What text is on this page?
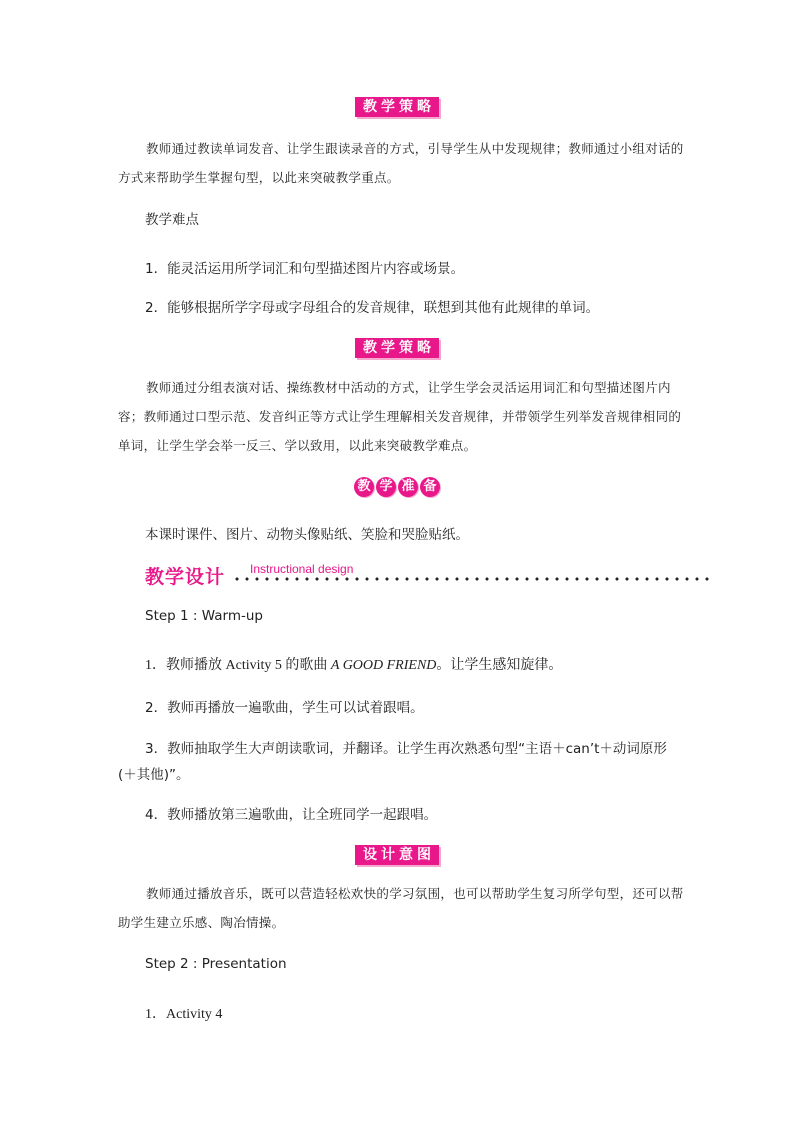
教学策略
教师通过教读单词发音、让学生跟读录音的方式，引导学生从中发现规律；教师通过小组对话的方式来帮助学生掌握句型，以此来突破教学重点。
教学难点
1．能灵活运用所学词汇和句型描述图片内容或场景。
2．能够根据所学字母或字母组合的发音规律，联想到其他有此规律的单词。
教学策略
教师通过分组表演对话、操练教材中活动的方式，让学生学会灵活运用词汇和句型描述图片内容；教师通过口型示范、发音纠正等方式让学生理解相关发音规律，并带领学生列举发音规律相同的单词，让学生学会举一反三、学以致用，以此来突破教学难点。
教 学 准 备
本课时课件、图片、动物头像贴纸、笑脸和哭脸贴纸。
教学设计 Instructional design
Step 1 : Warm-up
1．教师播放 Activity 5 的歌曲 A GOOD FRIEND。让学生感知旋律。
2．教师再播放一遍歌曲，学生可以试着跟唱。
3．教师抽取学生大声朗读歌词，并翻译。让学生再次熟悉句型“主语＋can’t＋动词原形
(＋其他)”。
4．教师播放第三遍歌曲，让全班同学一起跟唱。
设计意图
教师通过播放音乐，既可以营造轻松欢快的学习氛围，也可以帮助学生复习所学句型，还可以帮助学生建立乐感、陶冶情操。
Step 2 : Presentation
1．Activity 4
